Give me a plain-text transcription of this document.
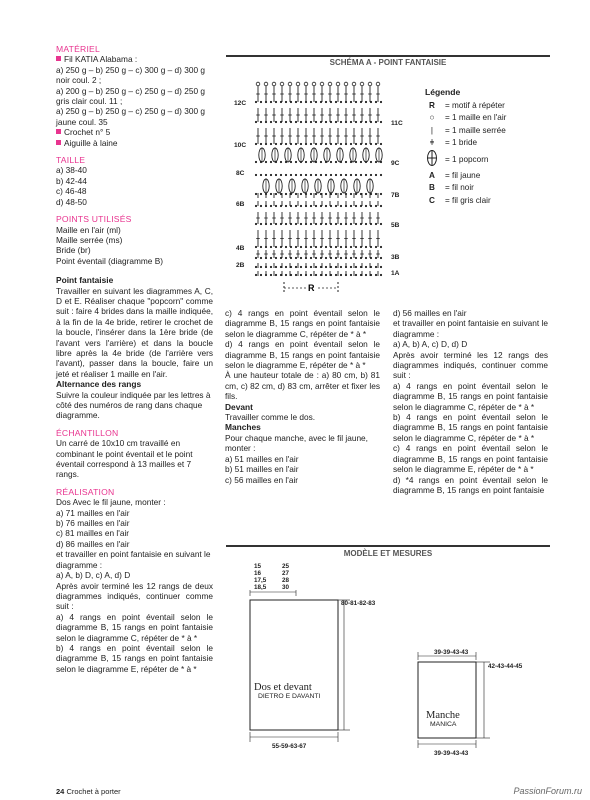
MATÉRIEL
Fil KATIA Alabama :
a) 250 g – b) 250 g – c) 300 g – d) 300 g noir coul. 2 ;
a) 200 g – b) 250 g – c) 250 g – d) 250 g gris clair coul. 11 ;
a) 250 g – b) 250 g – c) 250 g – d) 300 g jaune coul. 35
Crochet n° 5
Aiguille à laine
TAILLE
a) 38-40
b) 42-44
c) 46-48
d) 48-50
POINTS UTILISÉS
Maille en l'air (ml)
Maille serrée (ms)
Bride (br)
Point éventail (diagramme B)
Point fantaisie
Travailler en suivant les diagrammes A, C, D et E. Réaliser chaque "popcorn" comme suit : faire 4 brides dans la maille indiquée, à la fin de la 4e bride, retirer le crochet de la boucle, l'insérer dans la 1ère bride (de l'avant vers l'arrière) et dans la boucle libre après la 4e bride (de l'arrière vers l'avant), passer dans la boucle, faire un jeté et réaliser 1 maille en l'air.
Alternance des rangs
Suivre la couleur indiquée par les lettres à côté des numéros de rang dans chaque diagramme.
ÉCHANTILLON
Un carré de 10x10 cm travaillé en combinant le point éventail et le point éventail correspond à 13 mailles et 7 rangs.
RÉALISATION
Dos Avec le fil jaune, monter :
a) 71 mailles en l'air
b) 76 mailles en l'air
c) 81 mailles en l'air
d) 86 mailles en l'air
et travailler en point fantaisie en suivant le diagramme :
a) A, b) D, c) A, d) D
Après avoir terminé les 12 rangs de deux diagrammes indiqués, continuer comme suit :
a) 4 rangs en point éventail selon le diagramme B, 15 rangs en point fantaisie selon le diagramme C, répéter de * à *
b) 4 rangs en point éventail selon le diagramme B, 15 rangs en point fantaisie selon le diagramme E, répéter de * à *
SCHÉMA A - POINT FANTAISIE
12C
10C
8C
6B
4B
2B
11C
9C
7B
5B
3B
1A
R
Légende
R	= motif à répéter
○	= 1 maille en l'air
|	= 1 maille serrée
ǂ	= 1 bride
= 1 popcorn
A	= fil jaune
B	= fil noir
C	= fil gris clair
c) 4 rangs en point éventail selon le diagramme B, 15 rangs en point fantaisie selon le diagramme C, répéter de * à *
d) 4 rangs en point éventail selon le diagramme B, 15 rangs en point fantaisie selon le diagramme E, répéter de * à *
À une hauteur totale de : a) 80 cm, b) 81 cm, c) 82 cm, d) 83 cm, arrêter et fixer les fils.
Devant
Travailler comme le dos.
Manches
Pour chaque manche, avec le fil jaune, monter :
a) 51 mailles en l'air
b) 51 mailles en l'air
c) 56 mailles en l'air
d) 56 mailles en l'air
et travailler en point fantaisie en suivant le diagramme :
a) A, b) A, c) D, d) D
Après avoir terminé les 12 rangs des diagrammes indiqués, continuer comme suit :
a) 4 rangs en point éventail selon le diagramme B, 15 rangs en point fantaisie selon le diagramme C, répéter de * à *
b) 4 rangs en point éventail selon le diagramme B, 15 rangs en point fantaisie selon le diagramme C, répéter de * à *
c) 4 rangs en point éventail selon le diagramme B, 15 rangs en point fantaisie selon le diagramme E, répéter de * à *
d) *4 rangs en point éventail selon le diagramme B, 15 rangs en point fantaisie
MODÈLE ET MESURES
15	25
16	27
17,5 28
18,5 30
Dos et devant
DIETRO E DAVANTI
80-81-82-83
55-59-63-67
39-39-43-43
Manche
MANICA
42-43-44-45
39-39-43-43
24 Crochet à porter	PassionForum.ru
